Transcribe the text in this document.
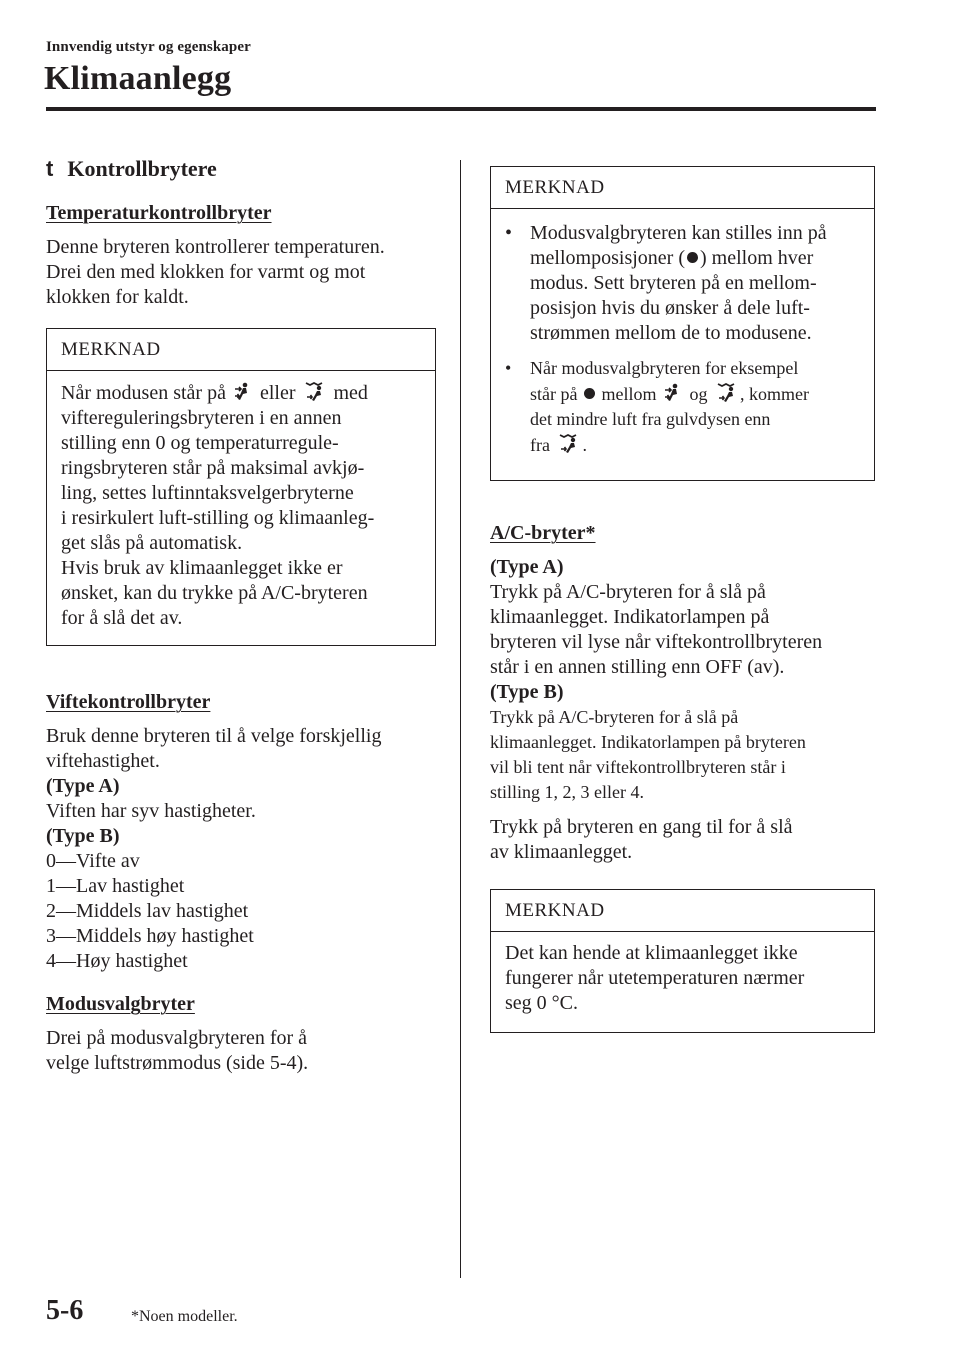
Innvendig utstyr og egenskaper
Klimaanlegg
t Kontrollbrytere
Temperaturkontrollbryter

Denne bryteren kontrollerer temperaturen.
Drei den med klokken for varmt og mot
klokken for kaldt.

MERKNAD
Når modusen står på eller med
viftereguleringsbryteren i en annen
stilling enn 0 og temperaturregule-
ringsbryteren står på maksimal avkjø-
ling, settes luftinntaksvelgerbryterne
i resirkulert luft-stilling og klimaanleg-
get slås på automatisk.
Hvis bruk av klimaanlegget ikke er
ønsket, kan du trykke på A/C-bryteren
for å slå det av.
Viftekontrollbryter

Bruk denne bryteren til å velge forskjellig
viftehastighet.
(Type A)
Viften har syv hastigheter.
(Type B)
0—Vifte av
1—Lav hastighet
2—Middels lav hastighet
3—Middels høy hastighet
4—Høy hastighet

Modusvalgbryter

Drei på modusvalgbryteren for å
velge luftstrømmodus (side 5-4).

MERKNAD
• Modusvalgbryteren kan stilles inn på
mellomposisjoner ( ) mellom hver
modus. Sett bryteren på en mellom-
posisjon hvis du ønsker å dele luft-
strømmen mellom de to modusene.
• Når modusvalgbryteren for eksempel
står på mellom og , kommer
det mindre luft fra gulvdysen enn
fra .
A/C-bryter*

(Type A)
Trykk på A/C-bryteren for å slå på
klimaanlegget. Indikatorlampen på
bryteren vil lyse når viftekontrollbryteren
står i en annen stilling enn OFF (av).
(Type B)
Trykk på A/C-bryteren for å slå på
klimaanlegget. Indikatorlampen på bryteren
vil bli tent når viftekontrollbryteren står i
stilling 1, 2, 3 eller 4.

Trykk på bryteren en gang til for å slå
av klimaanlegget.

MERKNAD
Det kan hende at klimaanlegget ikke
fungerer når utetemperaturen nærmer
seg 0 °C.
5-6	*Noen modeller.
